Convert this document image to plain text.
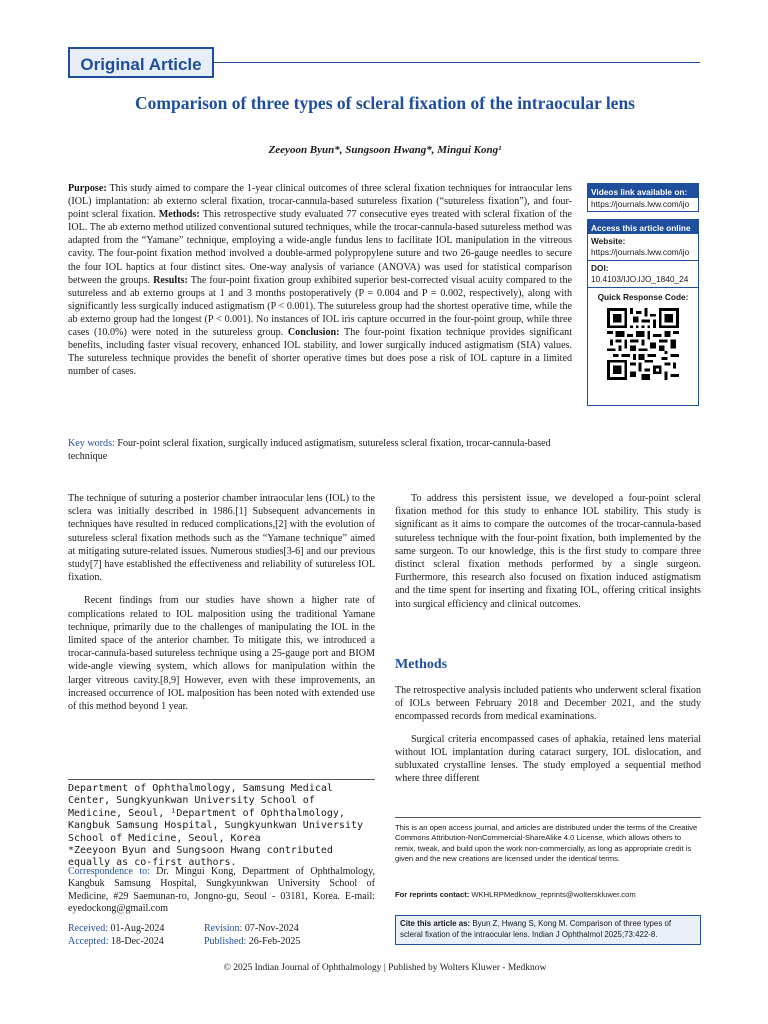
Original Article
Comparison of three types of scleral fixation of the intraocular lens
Zeeyoon Byun*, Sungsoon Hwang*, Mingui Kong¹
Purpose: This study aimed to compare the 1-year clinical outcomes of three scleral fixation techniques for intraocular lens (IOL) implantation: ab externo scleral fixation, trocar-cannula-based sutureless fixation (“sutureless fixation”), and four-point scleral fixation. Methods: This retrospective study evaluated 77 consecutive eyes treated with scleral fixation of the IOL. The ab externo method utilized conventional sutured techniques, while the trocar-cannula-based sutureless method was adapted from the “Yamane” technique, employing a wide-angle fundus lens to facilitate IOL manipulation in the vitreous cavity. The four-point fixation method involved a double-armed polypropylene suture and two 26-gauge needles to secure the four IOL haptics at four distinct sites. One-way analysis of variance (ANOVA) was used for statistical comparison between the groups. Results: The four-point fixation group exhibited superior best-corrected visual acuity compared to the sutureless and ab externo groups at 1 and 3 months postoperatively (P = 0.004 and P = 0.002, respectively), along with significantly less surgically induced astigmatism (P < 0.001). The sutureless group had the shortest operative time, while the ab externo group had the longest (P < 0.001). No instances of IOL iris capture occurred in the four-point group, while three cases (10.0%) were noted in the sutureless group. Conclusion: The four-point fixation technique provides significant benefits, including faster visual recovery, enhanced IOL stability, and lower surgically induced astigmatism (SIA) values. The sutureless technique provides the benefit of shorter operative times but does pose a risk of IOL capture in a limited number of cases.
Key words: Four-point scleral fixation, surgically induced astigmatism, sutureless scleral fixation, trocar-cannula-based technique
Videos link available on:
https://journals.lww.com/ijo
Access this article online
Website:
https://journals.lww.com/ijo
DOI:
10.4103/IJO.IJO_1840_24
Quick Response Code:

The technique of suturing a posterior chamber intraocular lens (IOL) to the sclera was initially described in 1986.[1] Subsequent advancements in techniques have resulted in reduced complications,[2] with the evolution of sutureless scleral fixation methods such as the “Yamane technique” aimed at mitigating suture-related issues. Numerous studies[3-6] and our previous study[7] have established the effectiveness and reliability of sutureless IOL fixation.

Recent findings from our studies have shown a higher rate of complications related to IOL malposition using the traditional Yamane technique, primarily due to the challenges of manipulating the IOL in the limited space of the anterior chamber. To mitigate this, we introduced a trocar-cannula-based sutureless technique using a 25-gauge port and BIOM wide-angle viewing system, which allows for manipulation within the larger vitreous cavity.[8,9] However, even with these improvements, an increased occurrence of IOL malposition has been noted with extended use of this method beyond 1 year.

To address this persistent issue, we developed a four-point scleral fixation method for this study to enhance IOL stability. This study is significant as it aims to compare the outcomes of the trocar-cannula-based sutureless technique with the four-point fixation, both implemented by the same surgeon. To our knowledge, this is the first study to compare three distinct scleral fixation methods performed by a single surgeon. Furthermore, this research also focused on fixation induced astigmatism and the time spent for inserting and fixating IOL, offering critical insights into surgical efficiency and clinical outcomes.

Methods

The retrospective analysis included patients who underwent scleral fixation of IOLs between February 2018 and December 2021, and the study encompassed records from medical examinations.

Surgical criteria encompassed cases of aphakia, retained lens material without IOL implantation during cataract surgery, IOL dislocation, and subluxated crystalline lenses. The study employed a sequential method where three different

Department of Ophthalmology, Samsung Medical Center, Sungkyunkwan University School of Medicine, Seoul, ¹Department of Ophthalmology, Kangbuk Samsung Hospital, Sungkyunkwan University School of Medicine, Seoul, Korea
*Zeeyoon Byun and Sungsoon Hwang contributed equally as co-first authors.
Correspondence to: Dr. Mingui Kong, Department of Ophthalmology, Kangbuk Samsung Hospital, Sungkyunkwan University School of Medicine, #29 Saemunan-ro, Jongno-gu, Seoul - 03181, Korea. E-mail: eyedockong@gmail.com
Received: 01-Aug-2024	Revision: 07-Nov-2024
Accepted: 18-Dec-2024	Published: 26-Feb-2025
This is an open access journal, and articles are distributed under the terms of the Creative Commons Attribution-NonCommercial-ShareAlike 4.0 License, which allows others to remix, tweak, and build upon the work non-commercially, as long as appropriate credit is given and the new creations are licensed under the identical terms.
For reprints contact: WKHLRPMedknow_reprints@wolterskluwer.com
Cite this article as: Byun Z, Hwang S, Kong M. Comparison of three types of scleral fixation of the intraocular lens. Indian J Ophthalmol 2025;73:422-8.
© 2025 Indian Journal of Ophthalmology | Published by Wolters Kluwer - Medknow
